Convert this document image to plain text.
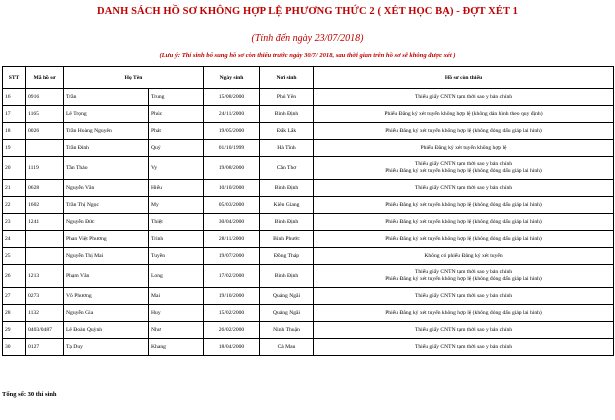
DANH SÁCH HỒ SƠ KHÔNG HỢP LỆ PHƯƠNG THỨC 2 ( XÉT HỌC BẠ) - ĐỢT XÉT 1
(Tính đến ngày 23/07/2018)
(Lưu ý: Thí sinh bổ sung hồ sơ còn thiếu trước ngày 30/7/ 2018, sau thời gian trên hồ sơ sẽ không được xét )
STT	Mã hồ sơ	Họ Tên		Ngày sinh	Nơi sinh	Hồ sơ còn thiếu
16	0916	Trần	Trung	15/08/2000	Phú Yên	Thiếu giấy CNTN tạm thời sao y bản chính

17	1165	Lê Trọng	Phúc	24/11/2000	Bình Định	Phiếu Đăng ký xét tuyển không hợp lệ (không dán hình theo quy định)

18	0026	Trần Hoàng Nguyên	Phát	19/05/2000	Đắk Lắk	Phiếu Đăng ký xét tuyển không hợp lệ (không đóng dấu giáp lai hình)

19		Trần Đình	Quý	01/10/1999	Hà Tĩnh	Phiếu Đăng ký xét tuyển không hợp lệ

20	1119	Tần Thảo	Vy	19/08/2000	Cần Thơ	Thiếu giấy CNTN tạm thời sao y bản chính
Phiếu Đăng ký xét tuyển không hợp lệ (không đóng dấu giáp lai hình)

21	0628	Nguyễn Văn	Hiếu	10/10/2000	Bình Định	Thiếu giấy CNTN tạm thời sao y bản chính

22	1602	Trần Thị Ngọc	My	05/03/2000	Kiên Giang	Phiếu Đăng ký xét tuyển không hợp lệ (không đóng dấu giáp lai hình)

23	1241	Nguyễn Đức	Thiệt	30/04/2000	Bình Định	Phiếu Đăng ký xét tuyển không hợp lệ (không đóng dấu giáp lai hình)

24		Phan Việt Phương	Trinh	28/11/2000	Bình Phước	Phiếu Đăng ký xét tuyển không hợp lệ (không đóng dấu giáp lai hình)

25		Nguyễn Thị Mai	Tuyền	19/07/2000	Đồng Tháp	Không có phiếu Đăng ký xét tuyển

26	1213	Phạm Văn	Long	17/02/2000	Bình Định	Thiếu giấy CNTN tạm thời sao y bản chính
Phiếu Đăng ký xét tuyển không hợp lệ (không đóng dấu giáp lai hình)

27	0273	Võ Phương	Mai	19/10/2000	Quảng Ngãi	Thiếu giấy CNTN tạm thời sao y bản chính

28	1132	Nguyễn Gia	Huy	15/02/2000	Quảng Ngãi	Phiếu Đăng ký xét tuyển không hợp lệ (không đóng dấu giáp lai hình)

29	0403/0487	Lê Đoàn Quỳnh	Như	26/02/2000	Ninh Thuận	Thiếu giấy CNTN tạm thời sao y bản chính

30	0127	Tạ Duy	Khang	18/04/2000	Cà Mau	Thiếu giấy CNTN tạm thời sao y bản chính
Tổng số: 30 thí sinh
